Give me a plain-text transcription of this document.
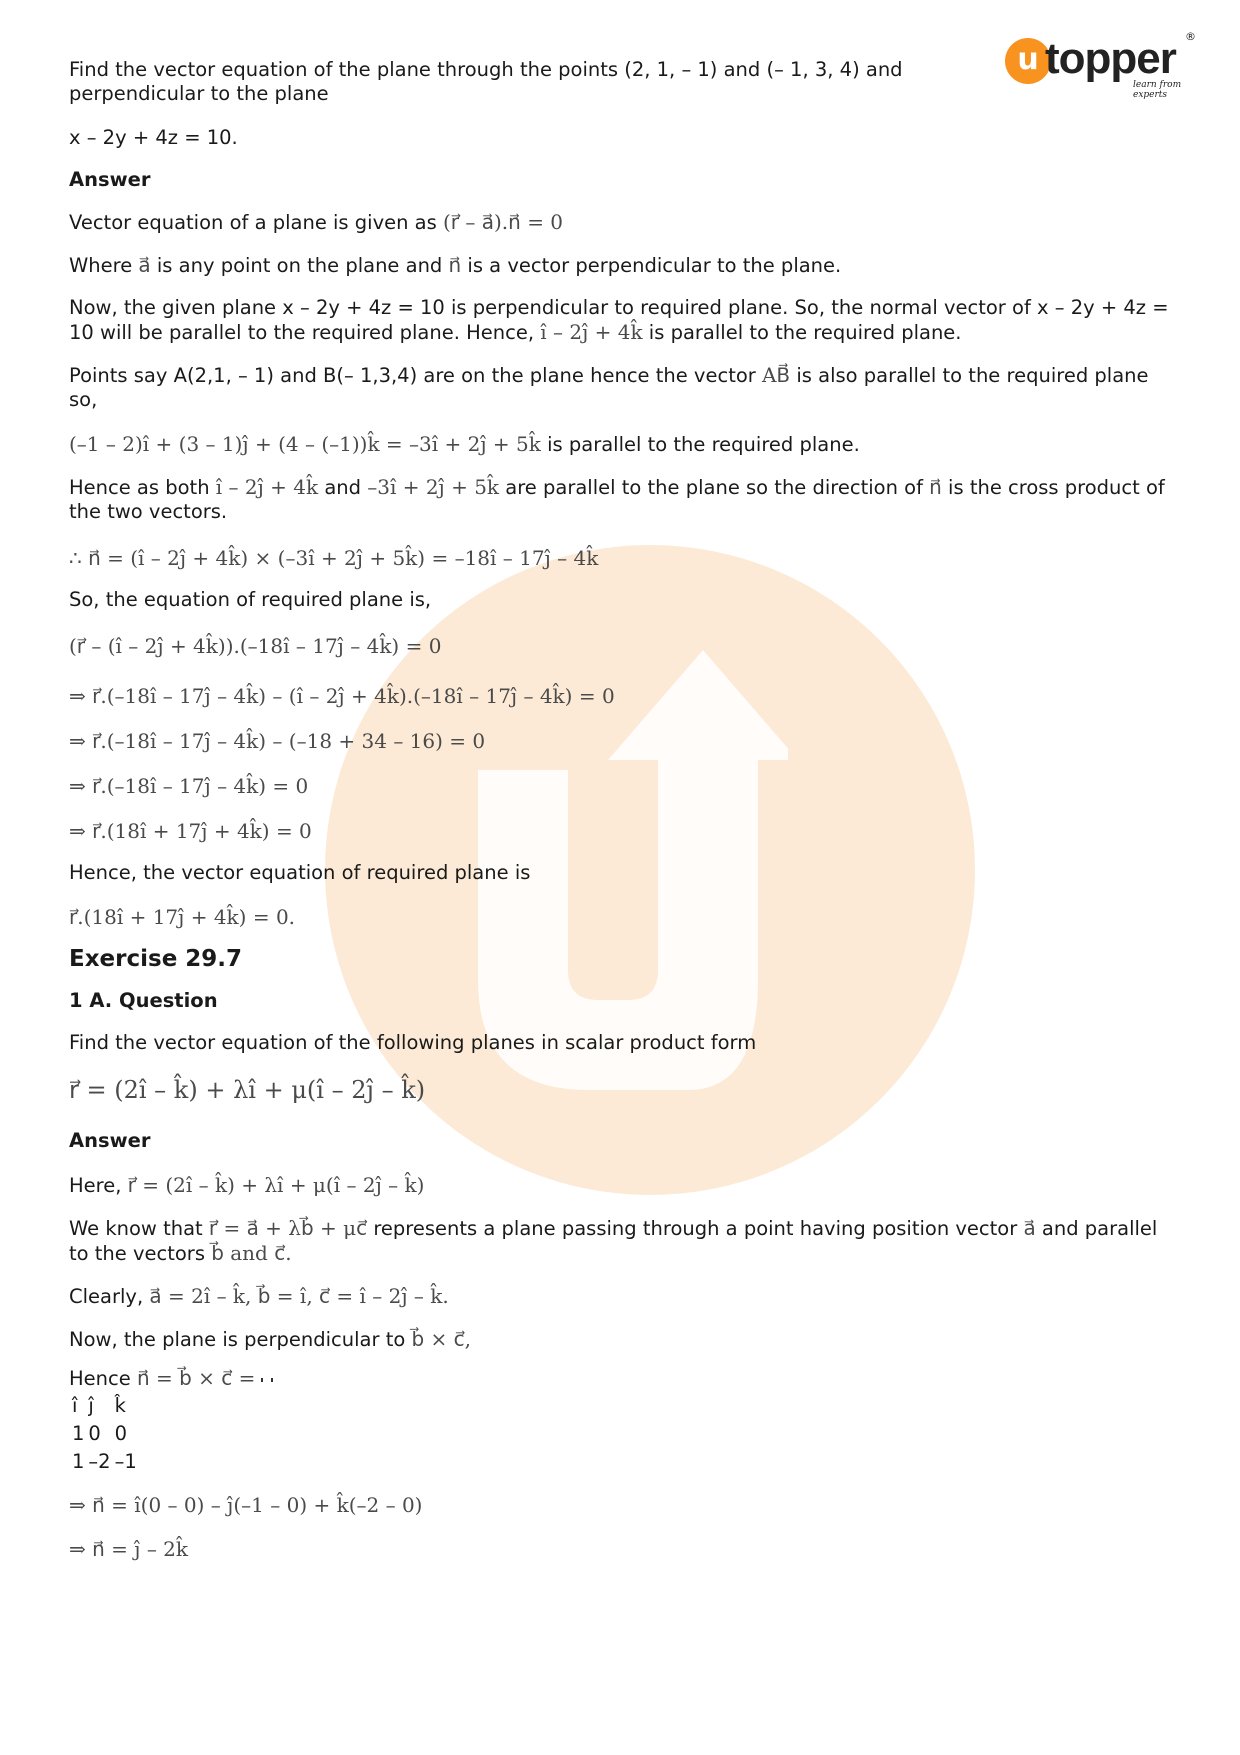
u topper ®
learn from experts

Find the vector equation of the plane through the points (2, 1, – 1) and (– 1, 3, 4) and perpendicular to the plane

x – 2y + 4z = 10.

Answer

Vector equation of a plane is given as (r⃗ – a⃗).n⃗ = 0

Where a⃗ is any point on the plane and n⃗ is a vector perpendicular to the plane.

Now, the given plane x – 2y + 4z = 10 is perpendicular to required plane. So, the normal vector of x – 2y + 4z = 10 will be parallel to the required plane. Hence, î – 2ĵ + 4k̂ is parallel to the required plane.

Points say A(2,1, – 1) and B(– 1,3,4) are on the plane hence the vector AB⃗ is also parallel to the required plane so,

(–1 – 2)î + (3 – 1)ĵ + (4 – (–1))k̂ = –3î + 2ĵ + 5k̂ is parallel to the required plane.

Hence as both î – 2ĵ + 4k̂ and –3î + 2ĵ + 5k̂ are parallel to the plane so the direction of n⃗ is the cross product of the two vectors.

∴ n⃗ = (î – 2ĵ + 4k̂) × (–3î + 2ĵ + 5k̂) = –18î – 17ĵ – 4k̂

So, the equation of required plane is,

(r⃗ – (î – 2ĵ + 4k̂)).(–18î – 17ĵ – 4k̂) = 0

⇒ r⃗.(–18î – 17ĵ – 4k̂) – (î – 2ĵ + 4k̂).(–18î – 17ĵ – 4k̂) = 0

⇒ r⃗.(–18î – 17ĵ – 4k̂) – (–18 + 34 – 16) = 0

⇒ r⃗.(–18î – 17ĵ – 4k̂) = 0

⇒ r⃗.(18î + 17ĵ + 4k̂) = 0

Hence, the vector equation of required plane is

r⃗.(18î + 17ĵ + 4k̂) = 0.

Exercise 29.7

1 A. Question

Find the vector equation of the following planes in scalar product form

r⃗ = (2î – k̂) + λî + μ(î – 2ĵ – k̂)

Answer

Here, r⃗ = (2î – k̂) + λî + μ(î – 2ĵ – k̂)

We know that r⃗ = a⃗ + λb⃗ + μc⃗ represents a plane passing through a point having position vector a⃗ and parallel to the vectors b⃗ and c⃗.

Clearly, a⃗ = 2î – k̂, b⃗ = î, c⃗ = î – 2ĵ – k̂.

Now, the plane is perpendicular to b⃗ × c⃗,

Hence n⃗ = b⃗ × c⃗ =

î	ĵ	k̂
1	0	0
1	–2	–1

⇒ n⃗ = î(0 – 0) – ĵ(–1 – 0) + k̂(–2 – 0)

⇒ n⃗ = ĵ – 2k̂
